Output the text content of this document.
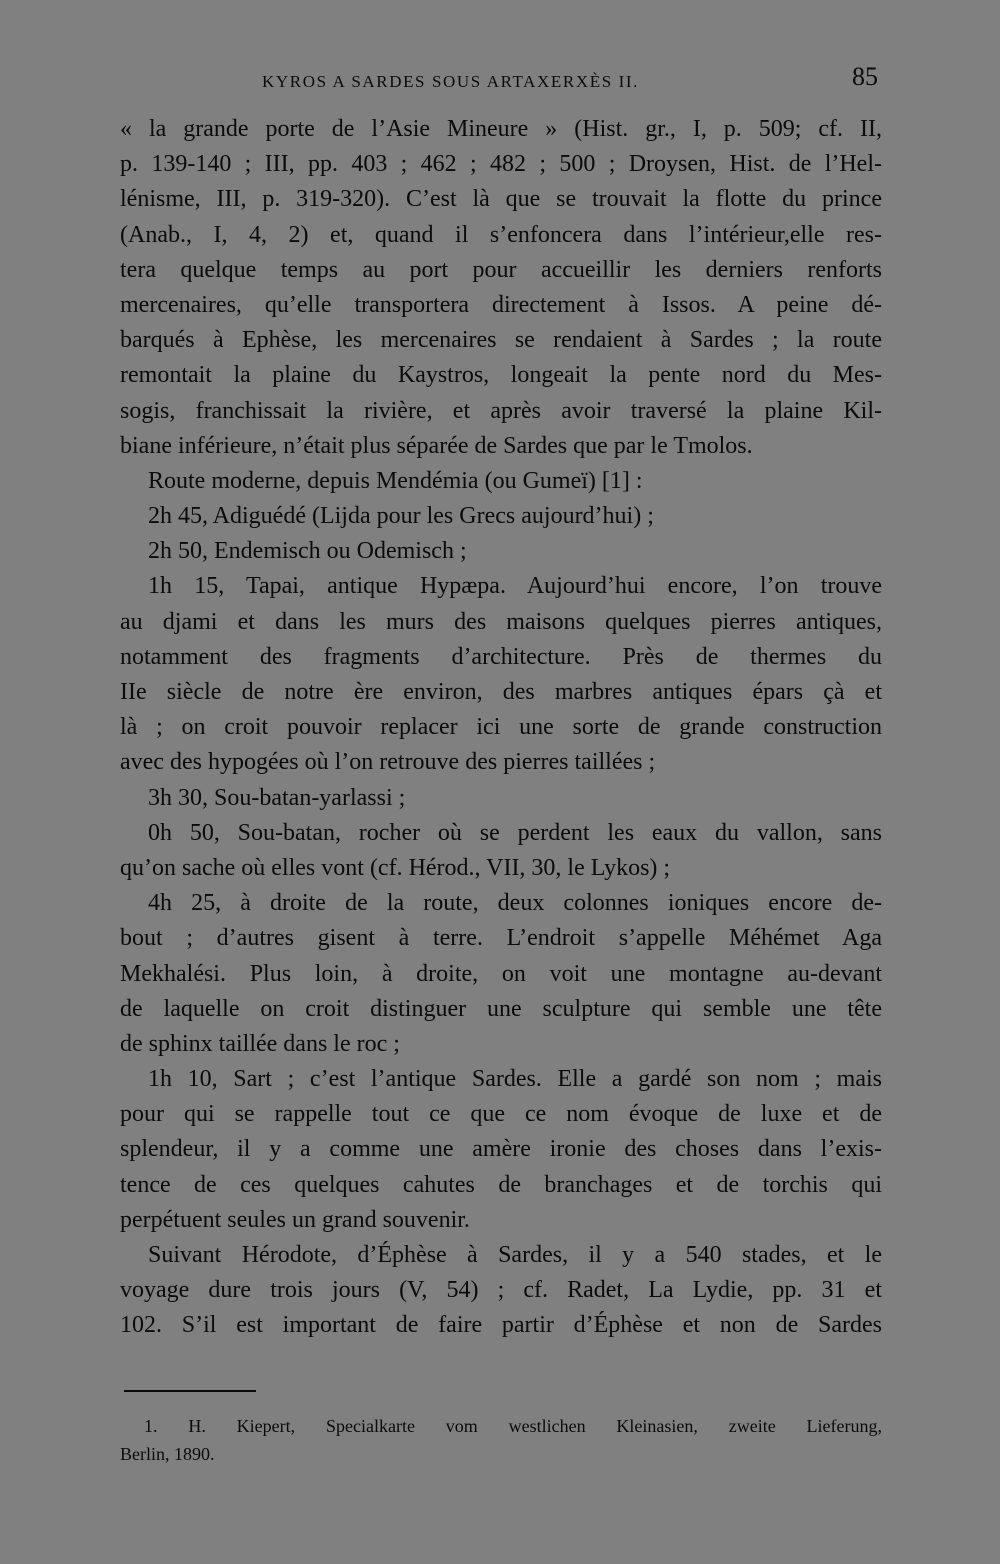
KYROS A SARDES SOUS ARTAXERXÈS II.	85
« la grande porte de l’Asie Mineure » (Hist. gr., I, p. 509; cf. II,
p. 139-140 ; III, pp. 403 ; 462 ; 482 ; 500 ; Droysen, Hist. de l’Hel-
lénisme, III, p. 319-320). C’est là que se trouvait la flotte du prince
(Anab., I, 4, 2) et, quand il s’enfoncera dans l’intérieur,elle res-
tera quelque temps au port pour accueillir les derniers renforts
mercenaires, qu’elle transportera directement à Issos. A peine dé-
barqués à Ephèse, les mercenaires se rendaient à Sardes ; la route
remontait la plaine du Kaystros, longeait la pente nord du Mes-
sogis, franchissait la rivière, et après avoir traversé la plaine Kil-
biane inférieure, n’était plus séparée de Sardes que par le Tmolos.
Route moderne, depuis Mendémia (ou Gumeï) [1] :
2h 45, Adiguédé (Lijda pour les Grecs aujourd’hui) ;
2h 50, Endemisch ou Odemisch ;
1h 15, Tapai, antique Hypæpa. Aujourd’hui encore, l’on trouve
au djami et dans les murs des maisons quelques pierres antiques,
notamment des fragments d’architecture. Près de thermes du
IIe siècle de notre ère environ, des marbres antiques épars çà et
là ; on croit pouvoir replacer ici une sorte de grande construction
avec des hypogées où l’on retrouve des pierres taillées ;
3h 30, Sou-batan-yarlassi ;
0h 50, Sou-batan, rocher où se perdent les eaux du vallon, sans
qu’on sache où elles vont (cf. Hérod., VII, 30, le Lykos) ;
4h 25, à droite de la route, deux colonnes ioniques encore de-
bout ; d’autres gisent à terre. L’endroit s’appelle Méhémet Aga
Mekhalési. Plus loin, à droite, on voit une montagne au-devant
de laquelle on croit distinguer une sculpture qui semble une tête
de sphinx taillée dans le roc ;
1h 10, Sart ; c’est l’antique Sardes. Elle a gardé son nom ; mais
pour qui se rappelle tout ce que ce nom évoque de luxe et de
splendeur, il y a comme une amère ironie des choses dans l’exis-
tence de ces quelques cahutes de branchages et de torchis qui
perpétuent seules un grand souvenir.
Suivant Hérodote, d’Éphèse à Sardes, il y a 540 stades, et le
voyage dure trois jours (V, 54) ; cf. Radet, La Lydie, pp. 31 et
102. S’il est important de faire partir d’Éphèse et non de Sardes
1. H. Kiepert, Specialkarte vom westlichen Kleinasien, zweite Lieferung,
Berlin, 1890.
